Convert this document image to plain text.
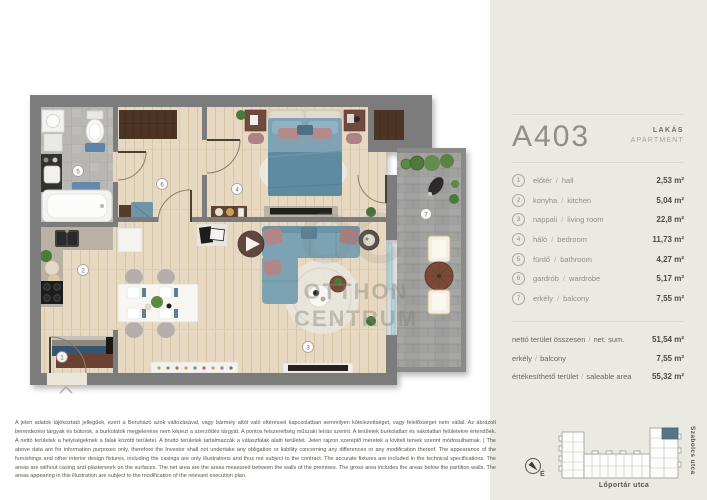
OC
OTTHON
CENTRUM
1
2
3
4
5
6
7
A403	LAKÁS
APARTMENT
1	előtér / hall	2,53 m²
2	konyha / kitchen	5,04 m²
3	nappali / living room	22,8 m²
4	háló / bedroom	11,73 m²
5	fürdő / bathroom	4,27 m²
6	gardrób / wardrobe	5,17 m²
7	erkély / balcony	7,55 m²
nettó terület összesen / net. sum.	51,54 m²
erkély / balcony	7,55 m²
értékesíthető terület / saleable area	55,32 m²
É	Szabolcs utca
Lőportár utca
A jelen adatok tájékoztató jellegűek, ezért a Beruházó azok változásával, vagy bármely attól való eltéréssel kapcsolatban semmilyen kötelezettséget, vagy felelősséget nem vállal. Az ábrázolt berendezési tárgyak és bútorok, a burkolatok megjelenése nem képezi a szerződés tárgyát. A pontos felszereltség műszaki leírás szerint. A területek burkolatlan és vakolatlan felületekre értendőek. A nettó területek a helyiségeknek a falak közötti területei. A bruttó területek tartalmazzák a válaszfalak alatti területet. Jelen rajzon szereplő méretek a kiviteli tervek szerint módosulhatnak. | The above data are for information purposes only, therefore the Investor shall not undertake any obligation or liability concerning any differences or any modification thereof. The appearance of the furnishings and other interior design fixtures, including the casings are only illustrations and thus not subject to the contract. The accurate fixtures are included in the technical specifications. The areas are without casing and plasterwork on the surfaces. The net area are the areas measured between the walls of the premises. The gross area includes the areas below the partition walls. The areas appearing in this illustration are subject to the modification of the relevant execution plan.
